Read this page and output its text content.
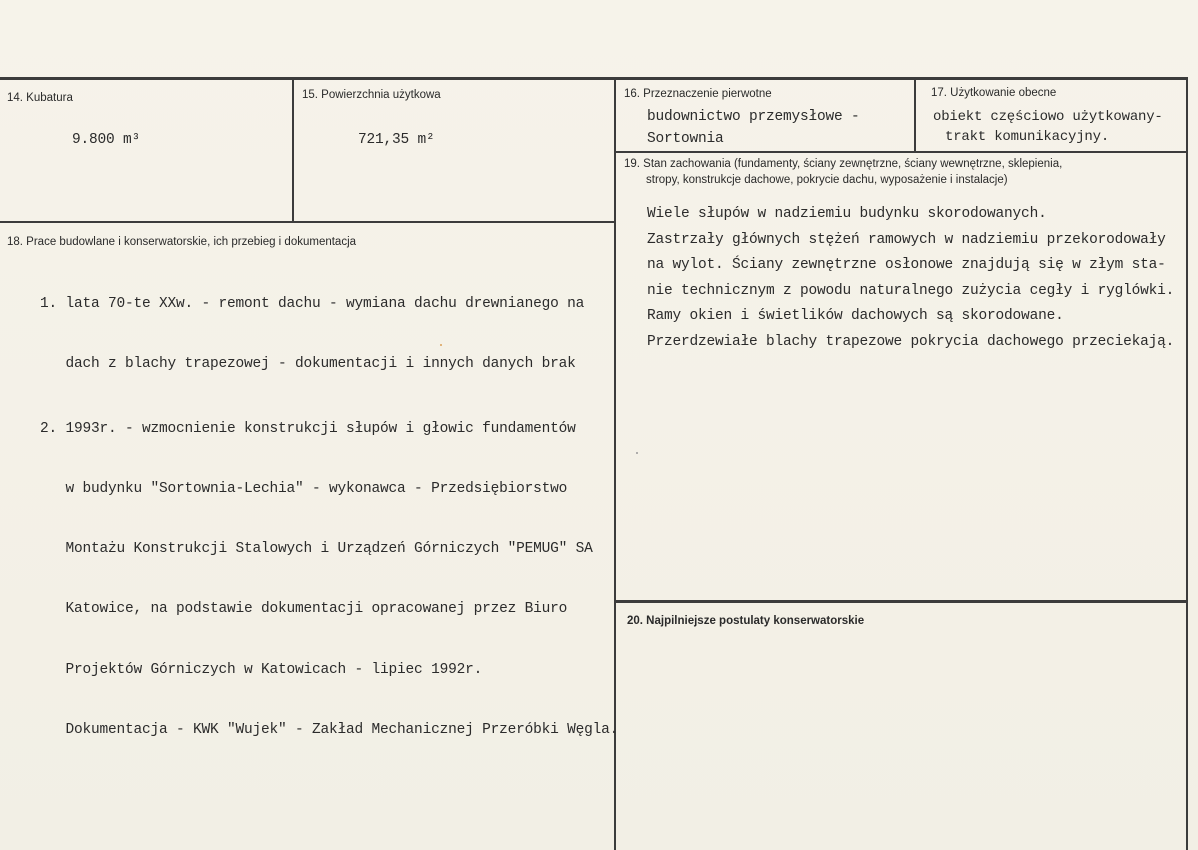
14. Kubatura
9.800 m³
15. Powierzchnia użytkowa
721,35 m²
16. Przeznaczenie pierwotne
budownictwo przemysłowe -
Sortownia
17. Użytkowanie obecne
obiekt częściowo użytkowany-
trakt komunikacyjny.
19. Stan zachowania (fundamenty, ściany zewnętrzne, ściany wewnętrzne, sklepienia,
stropy, konstrukcje dachowe, pokrycie dachu, wyposażenie i instalacje)
Wiele słupów w nadziemiu budynku skorodowanych.
Zastrzały głównych stężeń ramowych w nadziemiu przekorodowały
na wylot. Ściany zewnętrzne osłonowe znajdują się w złym sta-
nie technicznym z powodu naturalnego zużycia cegły i ryglówki.
Ramy okien i świetlików dachowych są skorodowane.
Przerdzewiałe blachy trapezowe pokrycia dachowego przeciekają.
18. Prace budowlane i konserwatorskie, ich przebieg i dokumentacja

1. lata 70-te XXw. - remont dachu - wymiana dachu drewnianego na

dach z blachy trapezowej - dokumentacji i innych danych brak

2. 1993r. - wzmocnienie konstrukcji słupów i głowic fundamentów

w budynku "Sortownia-Lechia" - wykonawca - Przedsiębiorstwo

Montażu Konstrukcji Stalowych i Urządzeń Górniczych "PEMUG" SA

Katowice, na podstawie dokumentacji opracowanej przez Biuro

Projektów Górniczych w Katowicach - lipiec 1992r.

Dokumentacja - KWK "Wujek" - Zakład Mechanicznej Przeróbki Węgla.

20. Najpilniejsze postulaty konserwatorskie
